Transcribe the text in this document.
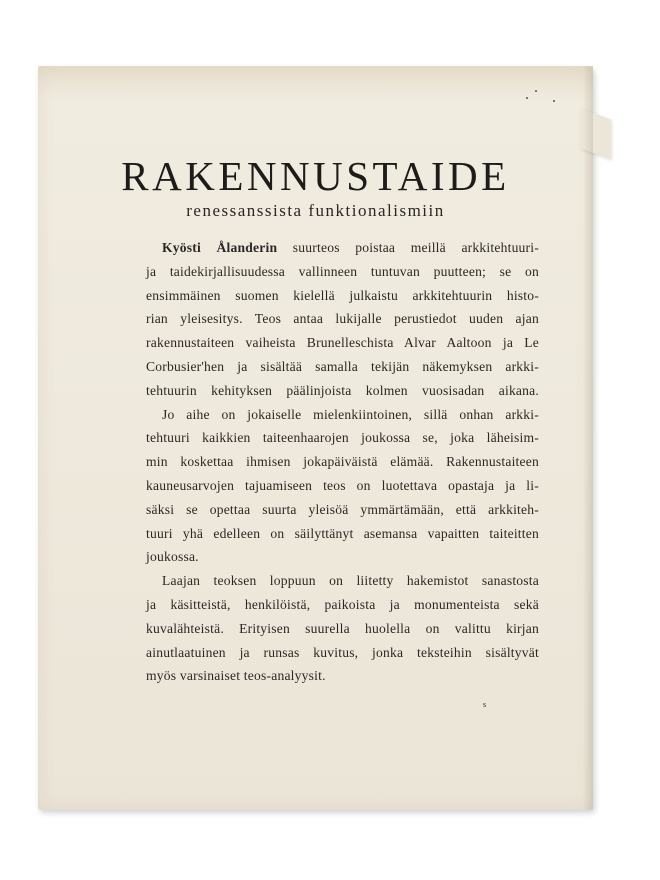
RAKENNUSTAIDE

renessanssista funktionalismiin

Kyösti Ålanderin suurteos poistaa meillä arkkitehtuuri-
ja taidekirjallisuudessa vallinneen tuntuvan puutteen; se on
ensimmäinen suomen kielellä julkaistu arkkitehtuurin histo-
rian yleisesitys. Teos antaa lukijalle perustiedot uuden ajan
rakennustaiteen vaiheista Brunelleschista Alvar Aaltoon ja Le
Corbusier'hen ja sisältää samalla tekijän näkemyksen arkki-
tehtuurin kehityksen päälinjoista kolmen vuosisadan aikana.

Jo aihe on jokaiselle mielenkiintoinen, sillä onhan arkki-
tehtuuri kaikkien taiteenhaarojen joukossa se, joka läheisim-
min koskettaa ihmisen jokapäiväistä elämää. Rakennustaiteen
kauneusarvojen tajuamiseen teos on luotettava opastaja ja li-
säksi se opettaa suurta yleisöä ymmärtämään, että arkkiteh-
tuuri yhä edelleen on säilyttänyt asemansa vapaitten taiteitten
joukossa.

Laajan teoksen loppuun on liitetty hakemistot sanastosta
ja käsitteistä, henkilöistä, paikoista ja monumenteista sekä
kuvalähteistä. Erityisen suurella huolella on valittu kirjan
ainutlaatuinen ja runsas kuvitus, jonka teksteihin sisältyvät
myös varsinaiset teos-analyysit.

s
